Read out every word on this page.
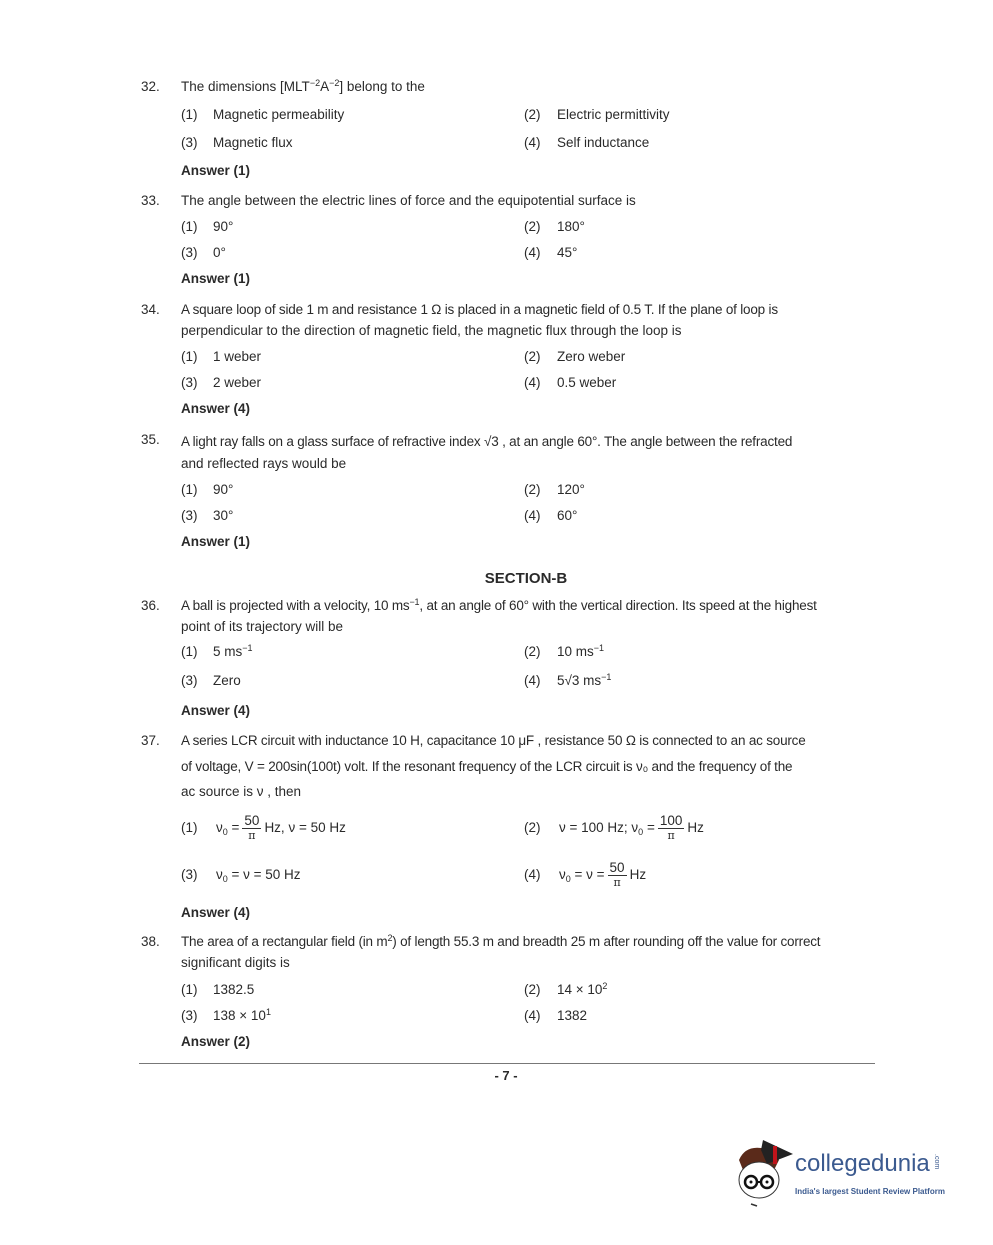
32. The dimensions $[MLT^{-2}A^{-2}]$ belong to the
(1) Magnetic permeability	(2) Electric permittivity
(3) Magnetic flux	(4) Self inductance
Answer (1)
33. The angle between the electric lines of force and the equipotential surface is
(1) 90°	(2) 180°
(3) 0°	(4) 45°
Answer (1)
34. A square loop of side 1 m and resistance 1 Ω is placed in a magnetic field of 0.5 T. If the plane of loop is
perpendicular to the direction of magnetic field, the magnetic flux through the loop is
(1) 1 weber	(2) Zero weber
(3) 2 weber	(4) 0.5 weber
Answer (4)
35. A light ray falls on a glass surface of refractive index √3 , at an angle 60°. The angle between the refracted
and reflected rays would be
(1) 90°	(2) 120°
(3) 30°	(4) 60°
Answer (1)
SECTION-B
36. A ball is projected with a velocity, 10 $ms^{-1}$, at an angle of 60° with the vertical direction. Its speed at the highest
point of its trajectory will be
(1) 5 $ms^{-1}$	(2) 10 $ms^{-1}$
(3) Zero	(4) 5√3 $ms^{-1}$
Answer (4)
37. A series LCR circuit with inductance 10 H, capacitance 10 μF , resistance 50 Ω is connected to an ac source
of voltage, V = 200sin(100t) volt. If the resonant frequency of the LCR circuit is ν₀ and the frequency of the
ac source is ν , then
(1) $\nu_0 = \frac{50}{\pi} Hz$, ν = 50 Hz	(2) ν = 100 Hz; $\nu_0 = \frac{100}{\pi}$ Hz
(3) $\nu_0 = \nu = 50$ Hz	(4) $\nu_0 = \nu = \frac{50}{\pi}$ Hz
Answer (4)
38. The area of a rectangular field (in $m^2$) of length 55.3 m and breadth 25 m after rounding off the value for correct
significant digits is
(1) 1382.5	(2) $14 \times 10^2$
(3) $138 \times 10^1$	(4) 1382
Answer (2)
- 7 -
collegedunia .com
India's largest Student Review Platform
